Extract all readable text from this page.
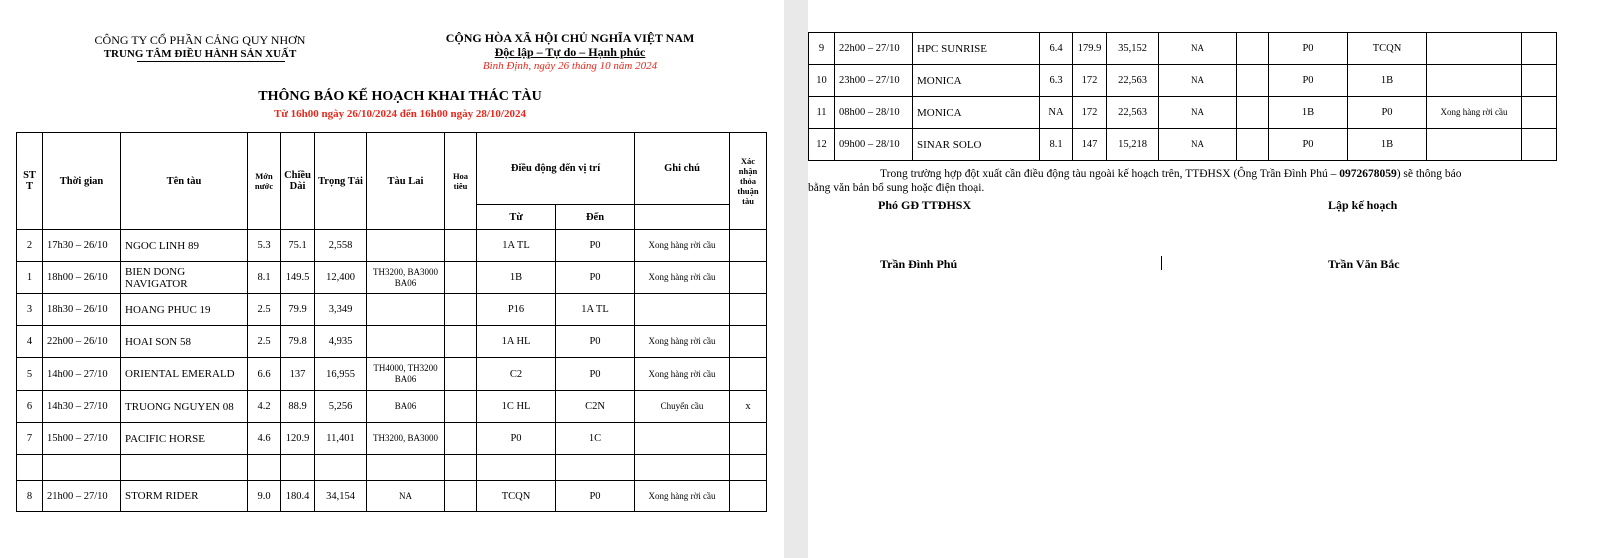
CÔNG TY CỔ PHẦN CẢNG QUY NHƠN
TRUNG TÂM ĐIỀU HÀNH SẢN XUẤT
CỘNG HÒA XÃ HỘI CHỦ NGHĨA VIỆT NAM
Độc lập – Tự do – Hạnh phúc
Bình Định, ngày 26 tháng 10 năm 2024
THÔNG BÁO KẾ HOẠCH KHAI THÁC TÀU
Từ 16h00 ngày 26/10/2024 đến 16h00 ngày 28/10/2024
ST T	Thời gian	Tên tàu	Mớn nước	Chiều Dài	Trọng Tải	Tàu Lai	Hoa tiêu	Điều động đến vị trí		Ghi chú	Xác nhận thỏa thuận tàu
								Từ	Đến		
2	17h30 – 26/10	NGOC LINH 89	5.3	75.1	2,558			1A TL	P0	Xong hàng rời cầu	
1	18h00 – 26/10	BIEN DONG NAVIGATOR	8.1	149.5	12,400	TH3200, BA3000 BA06		1B	P0	Xong hàng rời cầu	
3	18h30 – 26/10	HOANG PHUC 19	2.5	79.9	3,349			P16	1A TL		
4	22h00 – 26/10	HOAI SON 58	2.5	79.8	4,935			1A HL	P0	Xong hàng rời cầu	
5	14h00 – 27/10	ORIENTAL EMERALD	6.6	137	16,955	TH4000, TH3200 BA06		C2	P0	Xong hàng rời cầu	
6	14h30 – 27/10	TRUONG NGUYEN 08	4.2	88.9	5,256	BA06		1C HL	C2N	Chuyển cầu	x
7	15h00 – 27/10	PACIFIC HORSE	4.6	120.9	11,401	TH3200, BA3000		P0	1C		

8	21h00 – 27/10	STORM RIDER	9.0	180.4	34,154	NA		TCQN	P0	Xong hàng rời cầu	
9	22h00 – 27/10	HPC SUNRISE	6.4	179.9	35,152	NA		P0	TCQN		
10	23h00 – 27/10	MONICA	6.3	172	22,563	NA		P0	1B		
11	08h00 – 28/10	MONICA	NA	172	22,563	NA		1B	P0	Xong hàng rời cầu	
12	09h00 – 28/10	SINAR SOLO	8.1	147	15,218	NA		P0	1B		
Trong trường hợp đột xuất cần điều động tàu ngoài kế hoạch trên, TTĐHSX (Ông Trần Đình Phú – 0972678059) sẽ thông báo
bằng văn bản bổ sung hoặc điện thoại.
Phó GĐ TTĐHSX	Lập kế hoạch
Trần Đình Phú	Trần Văn Bắc
